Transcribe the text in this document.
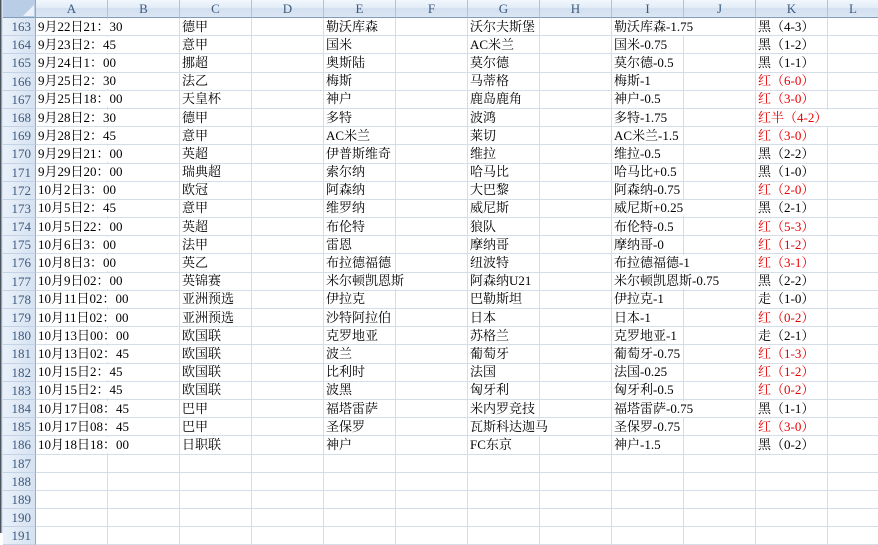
A	B	C	D	E	F	G	H	I	J	K	L
163 9月22日21：30	德甲	勒沃库森	沃尔夫斯堡	勒沃库森-1.75	黑（4-3）
164 9月23日2：45	意甲	国米	AC米兰	国米-0.75	黑（1-2）
165 9月24日1：00	挪超	奥斯陆	莫尔德	莫尔德-0.5	黑（1-1）
166 9月25日2：30	法乙	梅斯	马蒂格	梅斯-1	红（6-0）
167 9月25日18：00	天皇杯	神户	鹿岛鹿角	神户-0.5	红（3-0）
168 9月28日2：30	德甲	多特	波鸿	多特-1.75	红半（4-2）
169 9月28日2：45	意甲	AC米兰	莱切	AC米兰-1.5	红（3-0）
170 9月29日21：00	英超	伊普斯维奇	维拉	维拉-0.5	黑（2-2）
171 9月29日20：00	瑞典超	索尔纳	哈马比	哈马比+0.5	黑（1-0）
172 10月2日3：00	欧冠	阿森纳	大巴黎	阿森纳-0.75	红（2-0）
173 10月5日2：45	意甲	维罗纳	威尼斯	威尼斯+0.25	黑（2-1）
174 10月5日22：00	英超	布伦特	狼队	布伦特-0.5	红（5-3）
175 10月6日3：00	法甲	雷恩	摩纳哥	摩纳哥-0	红（1-2）
176 10月8日3：00	英乙	布拉德福德	纽波特	布拉德福德-1	红（3-1）
177 10月9日02：00	英锦赛	米尔顿凯恩斯	阿森纳U21	米尔顿凯恩斯-0.75	黑（2-2）
178 10月11日02：00	亚洲预选	伊拉克	巴勒斯坦	伊拉克-1	走（1-0）
179 10月11日02：00	亚洲预选	沙特阿拉伯	日本	日本-1	红（0-2）
180 10月13日00：00	欧国联	克罗地亚	苏格兰	克罗地亚-1	走（2-1）
181 10月13日02：45	欧国联	波兰	葡萄牙	葡萄牙-0.75	红（1-3）
182 10月15日2：45	欧国联	比利时	法国	法国-0.25	红（1-2）
183 10月15日2：45	欧国联	波黑	匈牙利	匈牙利-0.5	红（0-2）
184 10月17日08：45	巴甲	福塔雷萨	米内罗竞技	福塔雷萨-0.75	黑（1-1）
185 10月17日08：45	巴甲	圣保罗	瓦斯科达迦马	圣保罗-0.75	红（3-0）
186 10月18日18：00	日职联	神户	FC东京	神户-1.5	黑（0-2）
187
188
189
190
191
